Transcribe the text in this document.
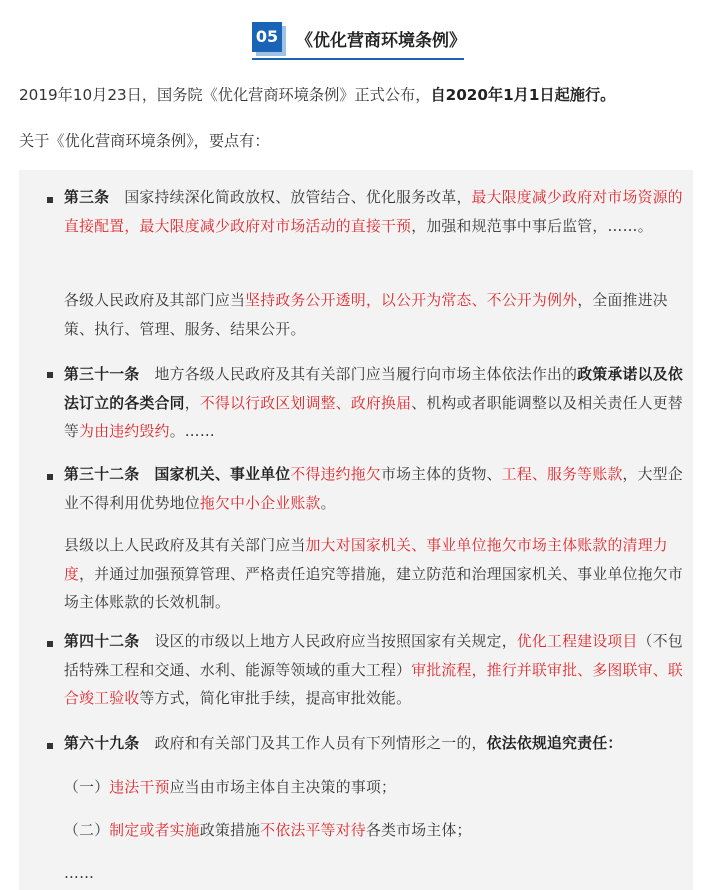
05 《优化营商环境条例》
2019年10月23日，国务院《优化营商环境条例》正式公布，自2020年1月1日起施行。
关于《优化营商环境条例》，要点有：
第三条 国家持续深化简政放权、放管结合、优化服务改革，最大限度减少政府对市场资源的直接配置，最大限度减少政府对市场活动的直接干预，加强和规范事中事后监管，……。
各级人民政府及其部门应当坚持政务公开透明，以公开为常态、不公开为例外，全面推进决策、执行、管理、服务、结果公开。
第三十一条 地方各级人民政府及其有关部门应当履行向市场主体依法作出的政策承诺以及依法订立的各类合同，不得以行政区划调整、政府换届、机构或者职能调整以及相关责任人更替等为由违约毁约。……
第三十二条 国家机关、事业单位不得违约拖欠市场主体的货物、工程、服务等账款，大型企业不得利用优势地位拖欠中小企业账款。
县级以上人民政府及其有关部门应当加大对国家机关、事业单位拖欠市场主体账款的清理力度，并通过加强预算管理、严格责任追究等措施，建立防范和治理国家机关、事业单位拖欠市场主体账款的长效机制。
第四十二条 设区的市级以上地方人民政府应当按照国家有关规定，优化工程建设项目（不包括特殊工程和交通、水利、能源等领域的重大工程）审批流程，推行并联审批、多图联审、联合竣工验收等方式，简化审批手续，提高审批效能。
第六十九条 政府和有关部门及其工作人员有下列情形之一的，依法依规追究责任：
（一）违法干预应当由市场主体自主决策的事项；
（二）制定或者实施政策措施不依法平等对待各类市场主体；
……
